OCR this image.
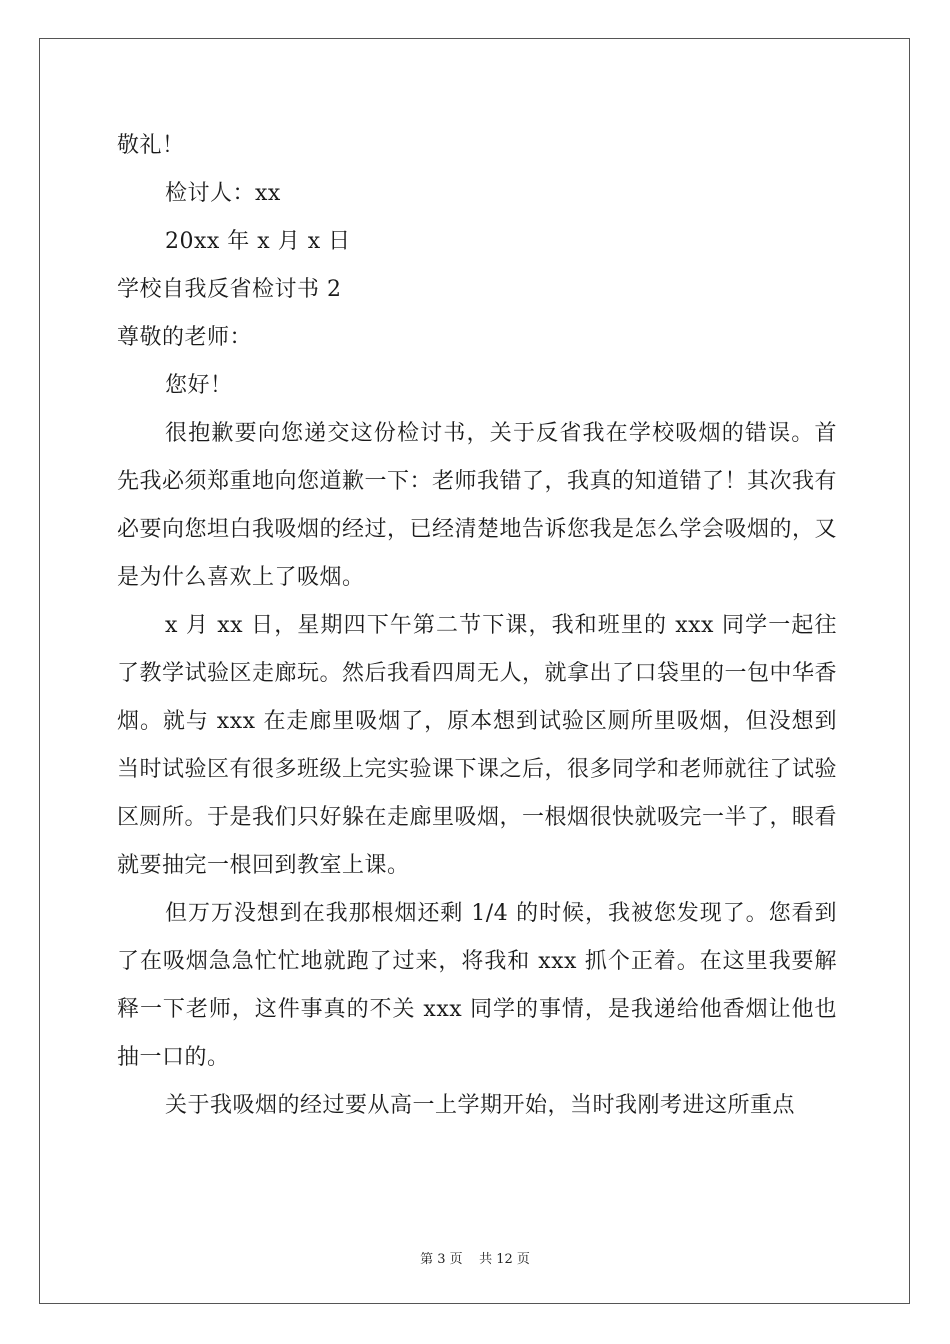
敬礼！
检讨人：xx
20xx 年 x 月 x 日
学校自我反省检讨书 2
尊敬的老师：
您好！

很抱歉要向您递交这份检讨书，关于反省我在学校吸烟的错误。首先我必须郑重地向您道歉一下：老师我错了，我真的知道错了！其次我有必要向您坦白我吸烟的经过，已经清楚地告诉您我是怎么学会吸烟的，又是为什么喜欢上了吸烟。

x 月 xx 日，星期四下午第二节下课，我和班里的 xxx 同学一起往了教学试验区走廊玩。然后我看四周无人，就拿出了口袋里的一包中华香烟。就与 xxx 在走廊里吸烟了，原本想到试验区厕所里吸烟，但没想到当时试验区有很多班级上完实验课下课之后，很多同学和老师就往了试验区厕所。于是我们只好躲在走廊里吸烟，一根烟很快就吸完一半了，眼看就要抽完一根回到教室上课。

但万万没想到在我那根烟还剩 1/4 的时候，我被您发现了。您看到了在吸烟急急忙忙地就跑了过来，将我和 xxx 抓个正着。在这里我要解释一下老师，这件事真的不关 xxx 同学的事情，是我递给他香烟让他也抽一口的。

关于我吸烟的经过要从高一上学期开始，当时我刚考进这所重点

第 3 页    共 12 页
